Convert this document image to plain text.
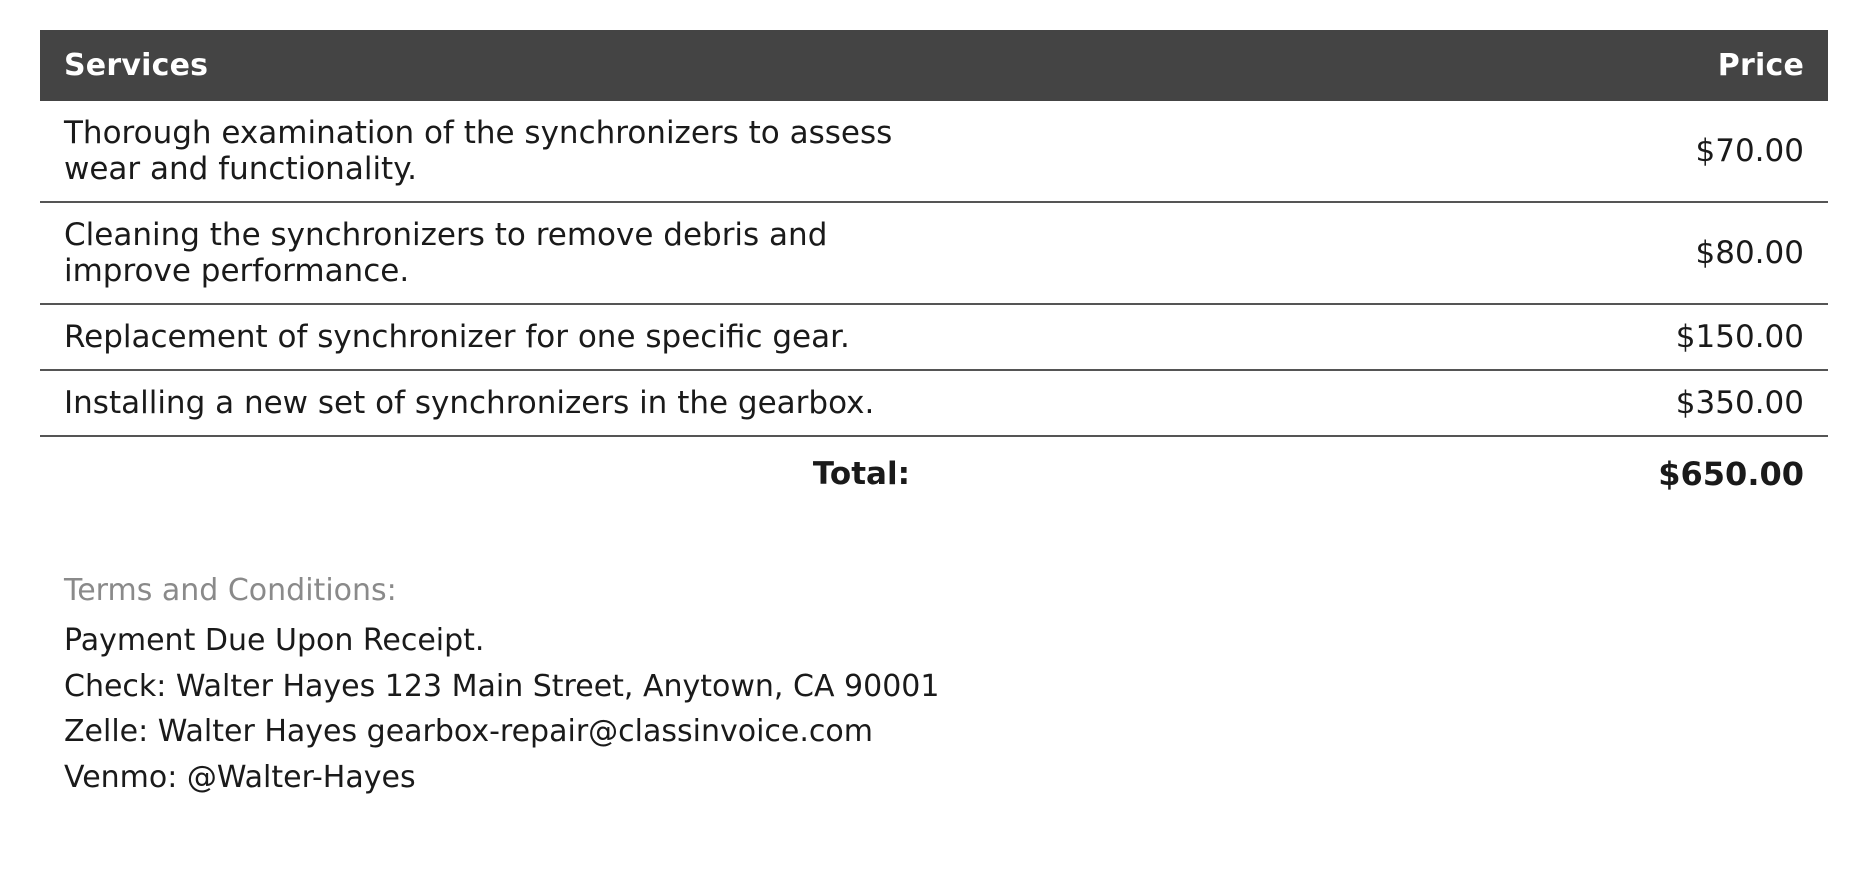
Services	Price
Thorough examination of the synchronizers to assess wear and functionality.	$70.00
Cleaning the synchronizers to remove debris and improve performance.	$80.00
Replacement of synchronizer for one specific gear.	$150.00
Installing a new set of synchronizers in the gearbox.	$350.00
Total:	$650.00
Terms and Conditions:
Payment Due Upon Receipt.
Check: Walter Hayes 123 Main Street, Anytown, CA 90001
Zelle: Walter Hayes gearbox-repair@classinvoice.com
Venmo: @Walter-Hayes
